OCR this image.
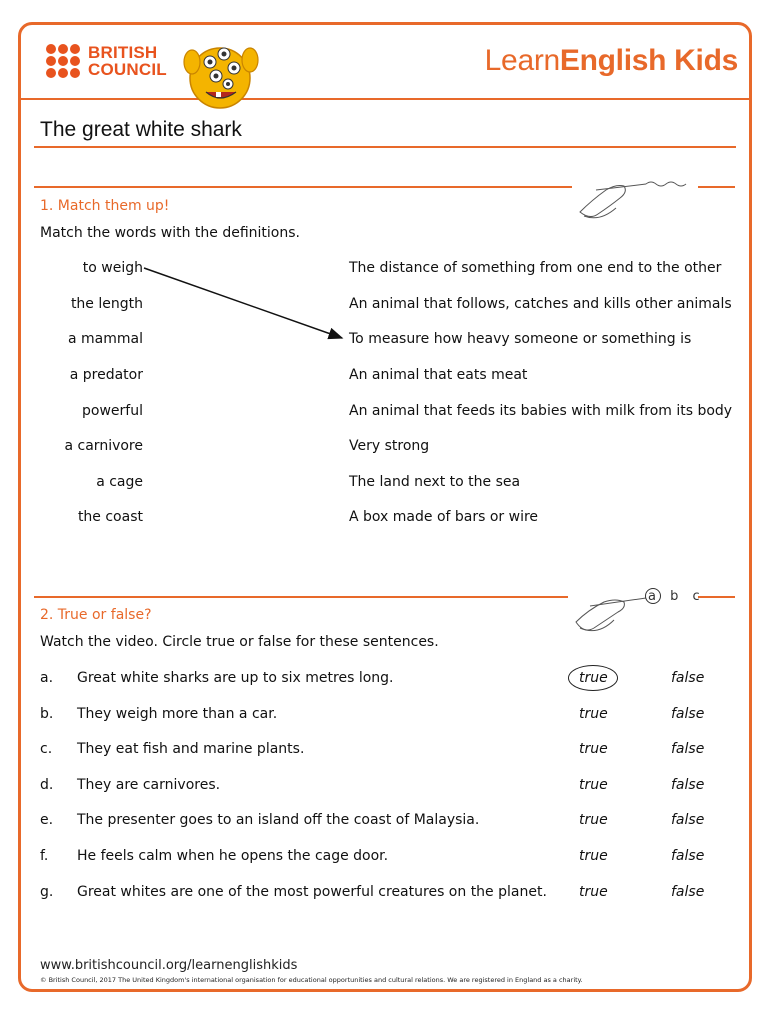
BRITISH
COUNCIL	LearnEnglish Kids
The great white shark
1. Match them up!
Match the words with the definitions.
to weigh
the length
a mammal
a predator
powerful
a carnivore
a cage
the coast
The distance of something from one end to the other
An animal that follows, catches and kills other animals
To measure how heavy someone or something is
An animal that eats meat
An animal that feeds its babies with milk from its body
Very strong
The land next to the sea
A box made of bars or wire
a b c
2. True or false?
Watch the video. Circle true or false for these sentences.
a. Great white sharks are up to six metres long.	true	false
b. They weigh more than a car.	true	false
c. They eat fish and marine plants.	true	false
d. They are carnivores.	true	false
e. The presenter goes to an island off the coast of Malaysia.	true	false
f. He feels calm when he opens the cage door.	true	false
g. Great whites are one of the most powerful creatures on the planet. true	false
www.britishcouncil.org/learnenglishkids
© British Council, 2017 The United Kingdom's international organisation for educational opportunities and cultural relations. We are registered in England as a charity.
